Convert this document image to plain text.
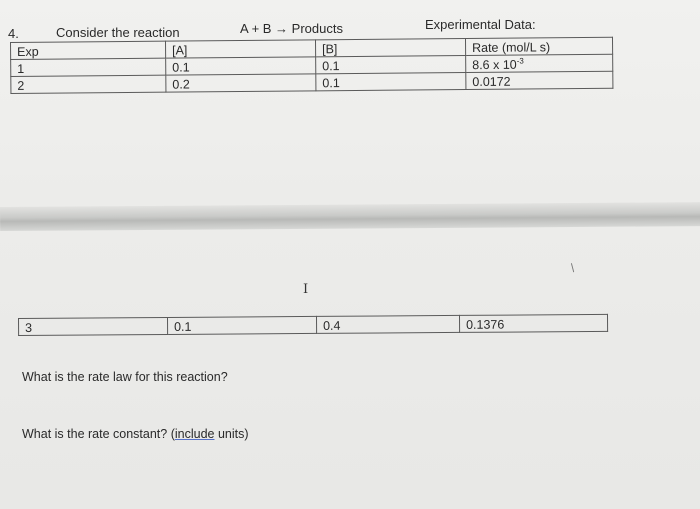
4.	Consider the reaction	A + B → Products	Experimental Data:
Exp	[A]	[B]	Rate (mol/L s)
1	0.1	0.1	8.6 x $10^{-3}$
2	0.2	0.1	0.0172
I
/
3	0.1	0.4	0.1376
What is the rate law for this reaction?
What is the rate constant? (include units)
